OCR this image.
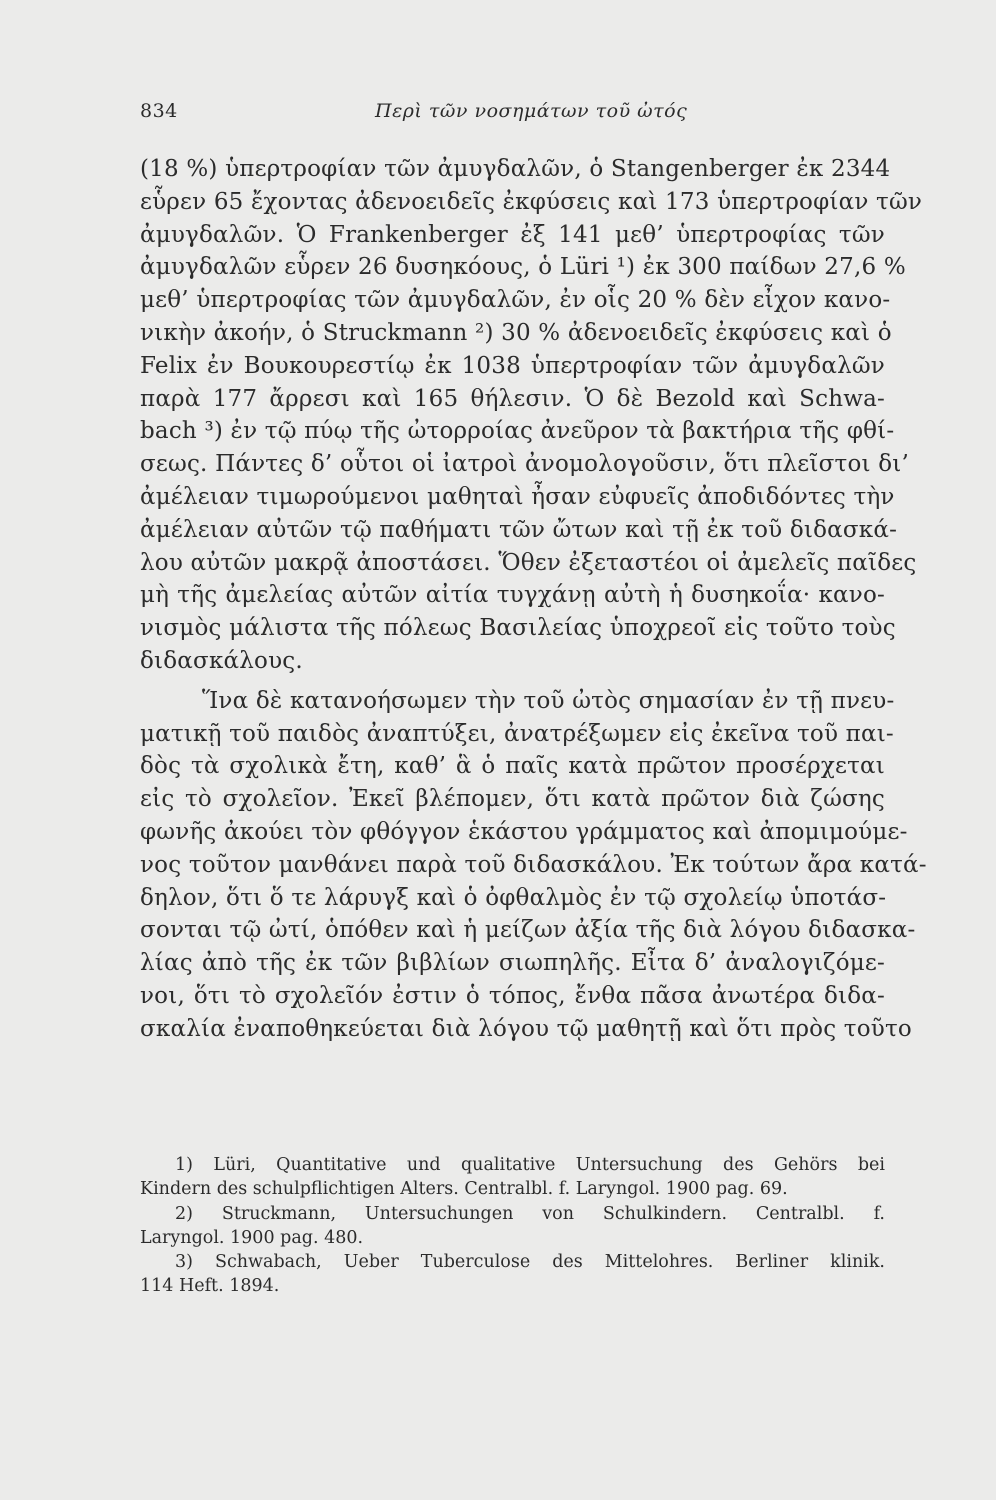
834	Περὶ τῶν νοσημάτων τοῦ ὠτός
(18 %) ὑπερτροφίαν τῶν ἀμυγδαλῶν, ὁ Stangenberger ἐκ 2344
εὗρεν 65 ἔχοντας ἀδενοειδεῖς ἐκφύσεις καὶ 173 ὑπερτροφίαν τῶν
ἀμυγδαλῶν. Ὁ Frankenberger ἐξ 141 μεθ’ ὑπερτροφίας τῶν
ἀμυγδαλῶν εὗρεν 26 δυσηκόους, ὁ Lüri ¹) ἐκ 300 παίδων 27,6 %
μεθ’ ὑπερτροφίας τῶν ἀμυγδαλῶν, ἐν οἷς 20 % δὲν εἶχον κανο-
νικὴν ἀκοήν, ὁ Struckmann ²) 30 % ἀδενοειδεῖς ἐκφύσεις καὶ ὁ
Felix ἐν Βουκουρεστίῳ ἐκ 1038 ὑπερτροφίαν τῶν ἀμυγδαλῶν
παρὰ 177 ἄρρεσι καὶ 165 θήλεσιν. Ὁ δὲ Bezold καὶ Schwa-
bach ³) ἐν τῷ πύῳ τῆς ὠτορροίας ἀνεῦρον τὰ βακτήρια τῆς φθί-
σεως. Πάντες δ’ οὗτοι οἱ ἰατροὶ ἀνομολογοῦσιν, ὅτι πλεῖστοι δι’
ἀμέλειαν τιμωρούμενοι μαθηταὶ ἦσαν εὐφυεῖς ἀποδιδόντες τὴν
ἀμέλειαν αὐτῶν τῷ παθήματι τῶν ὤτων καὶ τῇ ἐκ τοῦ διδασκά-
λου αὐτῶν μακρᾷ ἀποστάσει. Ὅθεν ἐξεταστέοι οἱ ἀμελεῖς παῖδες
μὴ τῆς ἀμελείας αὐτῶν αἰτία τυγχάνῃ αὐτὴ ἡ δυσηκοΐα· κανο-
νισμὸς μάλιστα τῆς πόλεως Βασιλείας ὑποχρεοῖ εἰς τοῦτο τοὺς
διδασκάλους.
Ἵνα δὲ κατανοήσωμεν τὴν τοῦ ὠτὸς σημασίαν ἐν τῇ πνευ-
ματικῇ τοῦ παιδὸς ἀναπτύξει, ἀνατρέξωμεν εἰς ἐκεῖνα τοῦ παι-
δὸς τὰ σχολικὰ ἔτη, καθ’ ἃ ὁ παῖς κατὰ πρῶτον προσέρχεται
εἰς τὸ σχολεῖον. Ἐκεῖ βλέπομεν, ὅτι κατὰ πρῶτον διὰ ζώσης
φωνῆς ἀκούει τὸν φθόγγον ἑκάστου γράμματος καὶ ἀπομιμούμε-
νος τοῦτον μανθάνει παρὰ τοῦ διδασκάλου. Ἐκ τούτων ἄρα κατά-
δηλον, ὅτι ὅ τε λάρυγξ καὶ ὁ ὀφθαλμὸς ἐν τῷ σχολείῳ ὑποτάσ-
σονται τῷ ὠτί, ὁπόθεν καὶ ἡ μείζων ἀξία τῆς διὰ λόγου διδασκα-
λίας ἀπὸ τῆς ἐκ τῶν βιβλίων σιωπηλῆς. Εἶτα δ’ ἀναλογιζόμε-
νοι, ὅτι τὸ σχολεῖόν ἐστιν ὁ τόπος, ἔνθα πᾶσα ἀνωτέρα διδα-
σκαλία ἐναποθηκεύεται διὰ λόγου τῷ μαθητῇ καὶ ὅτι πρὸς τοῦτο
1) Lüri, Quantitative und qualitative Untersuchung des Gehörs bei
Kindern des schulpflichtigen Alters. Centralbl. f. Laryngol. 1900 pag. 69.
2) Struckmann, Untersuchungen von Schulkindern. Centralbl. f.
Laryngol. 1900 pag. 480.
3) Schwabach, Ueber Tuberculose des Mittelohres. Berliner klinik.
114 Heft. 1894.
